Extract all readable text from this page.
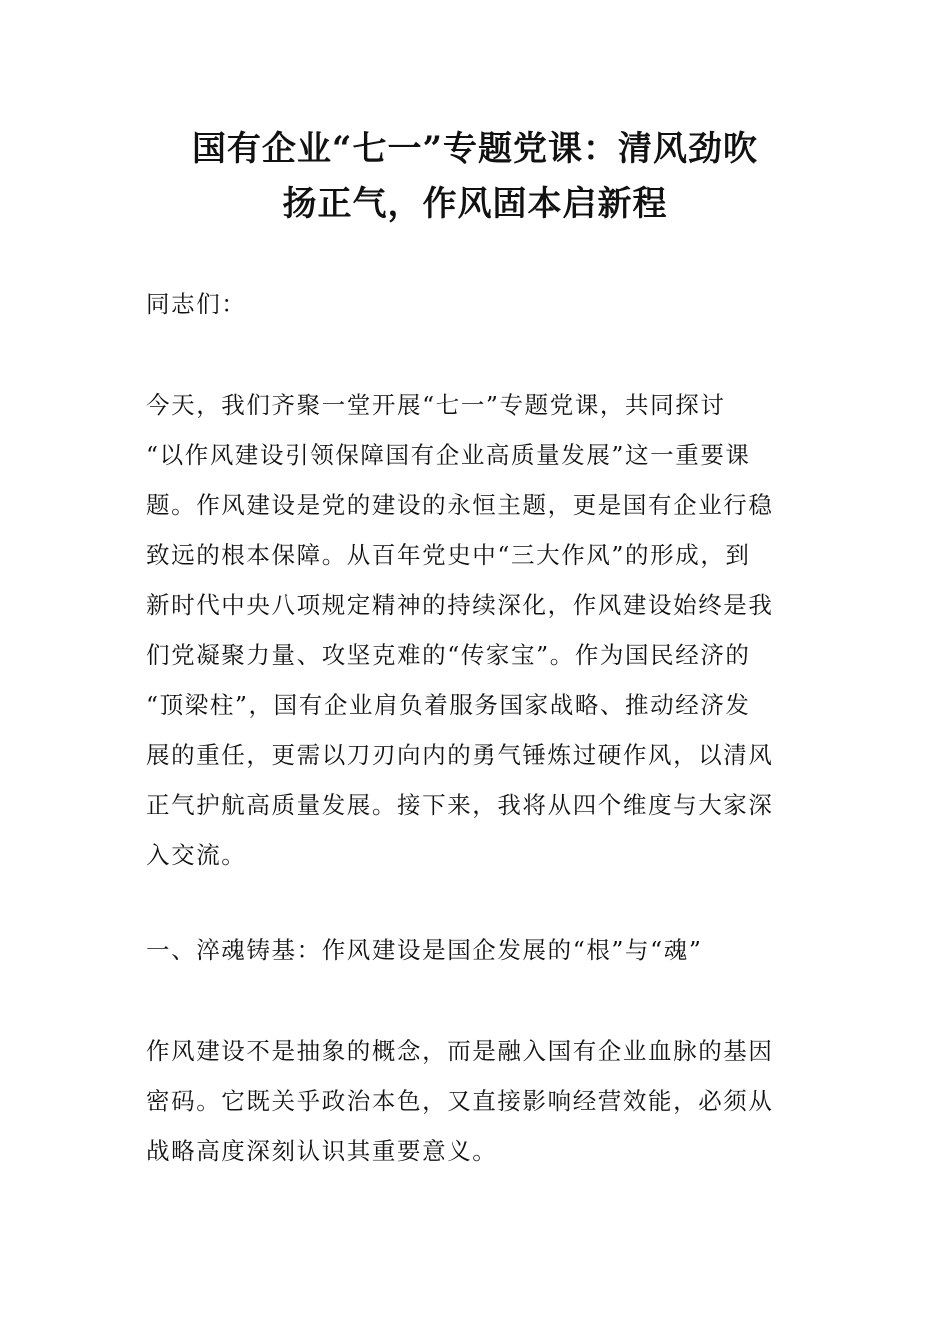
国有企业“七一”专题党课：清风劲吹
扬正气，作风固本启新程

同志们：

今天，我们齐聚一堂开展“七一”专题党课，共同探讨
“以作风建设引领保障国有企业高质量发展”这一重要课
题。作风建设是党的建设的永恒主题，更是国有企业行稳
致远的根本保障。从百年党史中“三大作风”的形成，到
新时代中央八项规定精神的持续深化，作风建设始终是我
们党凝聚力量、攻坚克难的“传家宝”。作为国民经济的
“顶梁柱”，国有企业肩负着服务国家战略、推动经济发
展的重任，更需以刀刃向内的勇气锤炼过硬作风，以清风
正气护航高质量发展。接下来，我将从四个维度与大家深
入交流。

一、淬魂铸基：作风建设是国企发展的“根”与“魂”

作风建设不是抽象的概念，而是融入国有企业血脉的基因
密码。它既关乎政治本色，又直接影响经营效能，必须从
战略高度深刻认识其重要意义。
